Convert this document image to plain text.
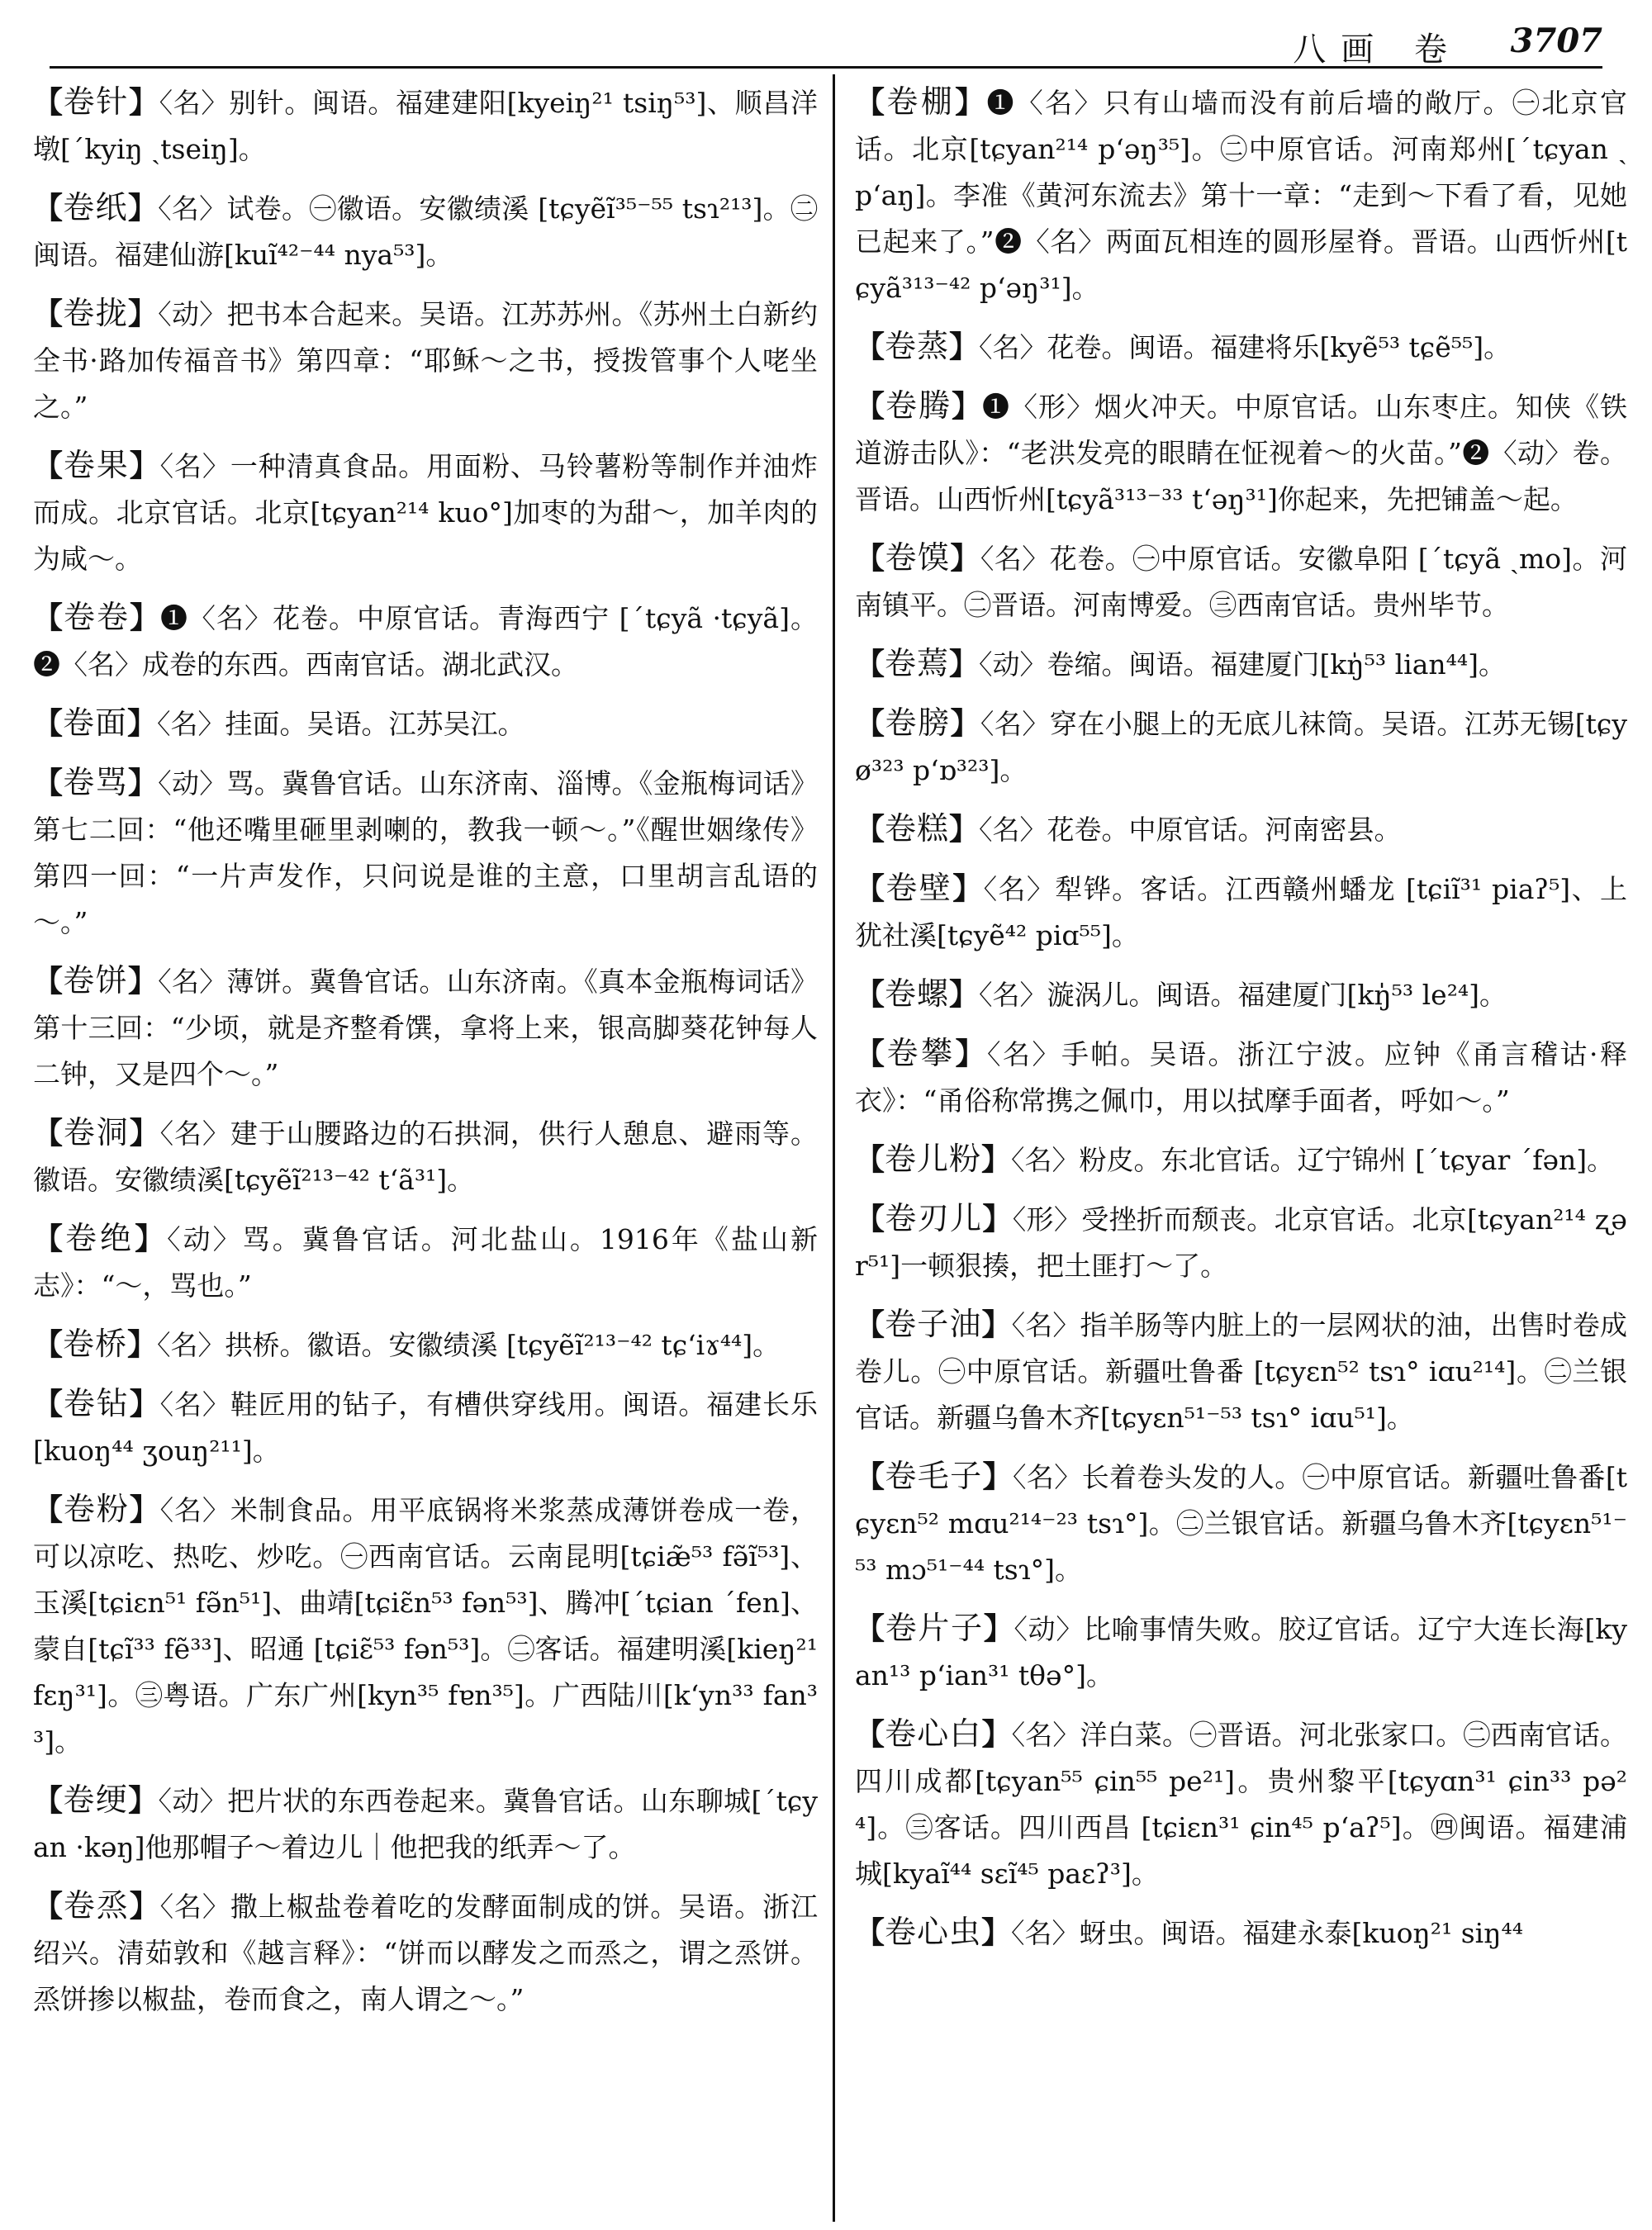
八画 卷 3707

【卷针】〈名〉别针。闽语。福建建阳[kyeiŋ²¹ tsiŋ⁵³]、顺昌洋墩[ˊkyiŋ ˏtseiŋ]。

【卷纸】〈名〉试卷。㊀徽语。安徽绩溪 [tɕyẽĩ³⁵⁻⁵⁵ tsɿ²¹³]。㊁闽语。福建仙游[kuĩ⁴²⁻⁴⁴ nya⁵³]。

【卷拢】〈动〉把书本合起来。吴语。江苏苏州。《苏州土白新约全书·路加传福音书》第四章：“耶稣～之书，授拨管事个人咾坐之。”

【卷果】〈名〉一种清真食品。用面粉、马铃薯粉等制作并油炸而成。北京官话。北京[tɕyan²¹⁴ kuo°]加枣的为甜～，加羊肉的为咸～。

【卷卷】❶〈名〉花卷。中原官话。青海西宁 [ˊtɕyã ·tɕyã]。❷〈名〉成卷的东西。西南官话。湖北武汉。

【卷面】〈名〉挂面。吴语。江苏吴江。

【卷骂】〈动〉骂。冀鲁官话。山东济南、淄博。《金瓶梅词话》第七二回：“他还嘴里砸里剥喇的，教我一顿～。”《醒世姻缘传》第四一回：“一片声发作，只问说是谁的主意，口里胡言乱语的～。”

【卷饼】〈名〉薄饼。冀鲁官话。山东济南。《真本金瓶梅词话》第十三回：“少顷，就是齐整肴馔，拿将上来，银高脚葵花钟每人二钟，又是四个～。”

【卷洞】〈名〉建于山腰路边的石拱洞，供行人憩息、避雨等。徽语。安徽绩溪[tɕyẽĩ²¹³⁻⁴² t‘ã³¹]。

【卷绝】〈动〉骂。冀鲁官话。河北盐山。1916年《盐山新志》：“～，骂也。”

【卷桥】〈名〉拱桥。徽语。安徽绩溪 [tɕyẽĩ²¹³⁻⁴² tɕ‘iɤ⁴⁴]。

【卷钻】〈名〉鞋匠用的钻子，有槽供穿线用。闽语。福建长乐[kuoŋ⁴⁴ ʒouŋ²¹¹]。

【卷粉】〈名〉米制食品。用平底锅将米浆蒸成薄饼卷成一卷，可以凉吃、热吃、炒吃。㊀西南官话。云南昆明[tɕiæ̃⁵³ fə̃ĩ⁵³]、玉溪[tɕiɛn⁵¹ fə̃n⁵¹]、曲靖[tɕiɛ̃n⁵³ fən⁵³]、腾冲[ˊtɕian ˊfen]、蒙自[tɕĩ³³ fẽ³³]、昭通 [tɕiɛ̃⁵³ fən⁵³]。㊁客话。福建明溪[kieŋ²¹ fɛŋ³¹]。㊂粤语。广东广州[kyn³⁵ fɐn³⁵]。广西陆川[k‘yn³³ fan³³]。

【卷绠】〈动〉把片状的东西卷起来。冀鲁官话。山东聊城[ˊtɕyan ·kəŋ]他那帽子～着边儿｜他把我的纸弄～了。

【卷烝】〈名〉撒上椒盐卷着吃的发酵面制成的饼。吴语。浙江绍兴。清茹敦和《越言释》：“饼而以酵发之而烝之，谓之烝饼。烝饼掺以椒盐，卷而食之，南人谓之～。”

【卷棚】❶〈名〉只有山墙而没有前后墙的敞厅。㊀北京官话。北京[tɕyan²¹⁴ p‘əŋ³⁵]。㊁中原官话。河南郑州[ˊtɕyan ˏp‘aŋ]。李准《黄河东流去》第十一章：“走到～下看了看，见她已起来了。”❷〈名〉两面瓦相连的圆形屋脊。晋语。山西忻州[tɕyã³¹³⁻⁴² p‘əŋ³¹]。

【卷蒸】〈名〉花卷。闽语。福建将乐[kyẽ⁵³ tɕẽ⁵⁵]。

【卷腾】❶〈形〉烟火冲天。中原官话。山东枣庄。知侠《铁道游击队》：“老洪发亮的眼睛在怔视着～的火苗。”❷〈动〉卷。晋语。山西忻州[tɕyã³¹³⁻³³ t‘əŋ³¹]你起来，先把铺盖～起。

【卷馍】〈名〉花卷。㊀中原官话。安徽阜阳 [ˊtɕyã ˏmo]。河南镇平。㊁晋语。河南博爱。㊂西南官话。贵州毕节。

【卷蔫】〈动〉卷缩。闽语。福建厦门[kŋ̍⁵³ lian⁴⁴]。

【卷膀】〈名〉穿在小腿上的无底儿袜筒。吴语。江苏无锡[tɕyø³²³ p‘ɒ³²³]。

【卷糕】〈名〉花卷。中原官话。河南密县。

【卷壁】〈名〉犁铧。客话。江西赣州蟠龙 [tɕiĩ³¹ piaʔ⁵]、上犹社溪[tɕyẽ⁴² piɑ⁵⁵]。

【卷螺】〈名〉漩涡儿。闽语。福建厦门[kŋ̍⁵³ le²⁴]。

【卷攀】〈名〉手帕。吴语。浙江宁波。应钟《甬言稽诂·释衣》：“甬俗称常携之佩巾，用以拭摩手面者，呼如～。”

【卷儿粉】〈名〉粉皮。东北官话。辽宁锦州 [ˊtɕyar ˊfən]。

【卷刃儿】〈形〉受挫折而颓丧。北京官话。北京[tɕyan²¹⁴ ʐər⁵¹]一顿狠揍，把土匪打～了。

【卷子油】〈名〉指羊肠等内脏上的一层网状的油，出售时卷成卷儿。㊀中原官话。新疆吐鲁番 [tɕyɛn⁵² tsɿ° iɑu²¹⁴]。㊁兰银官话。新疆乌鲁木齐[tɕyɛn⁵¹⁻⁵³ tsɿ° iɑu⁵¹]。

【卷毛子】〈名〉长着卷头发的人。㊀中原官话。新疆吐鲁番[tɕyɛn⁵² mɑu²¹⁴⁻²³ tsɿ°]。㊁兰银官话。新疆乌鲁木齐[tɕyɛn⁵¹⁻⁵³ mɔ⁵¹⁻⁴⁴ tsɿ°]。

【卷片子】〈动〉比喻事情失败。胶辽官话。辽宁大连长海[kyan¹³ p‘ian³¹ tθə°]。

【卷心白】〈名〉洋白菜。㊀晋语。河北张家口。㊁西南官话。四川成都[tɕyan⁵⁵ ɕin⁵⁵ pe²¹]。贵州黎平[tɕyɑn³¹ ɕin³³ pə²⁴]。㊂客话。四川西昌 [tɕiɛn³¹ ɕin⁴⁵ p‘aʔ⁵]。㊃闽语。福建浦城[kyaĩ⁴⁴ sɛĩ⁴⁵ paɛʔ³]。

【卷心虫】〈名〉蚜虫。闽语。福建永泰[kuoŋ²¹ siŋ⁴⁴
